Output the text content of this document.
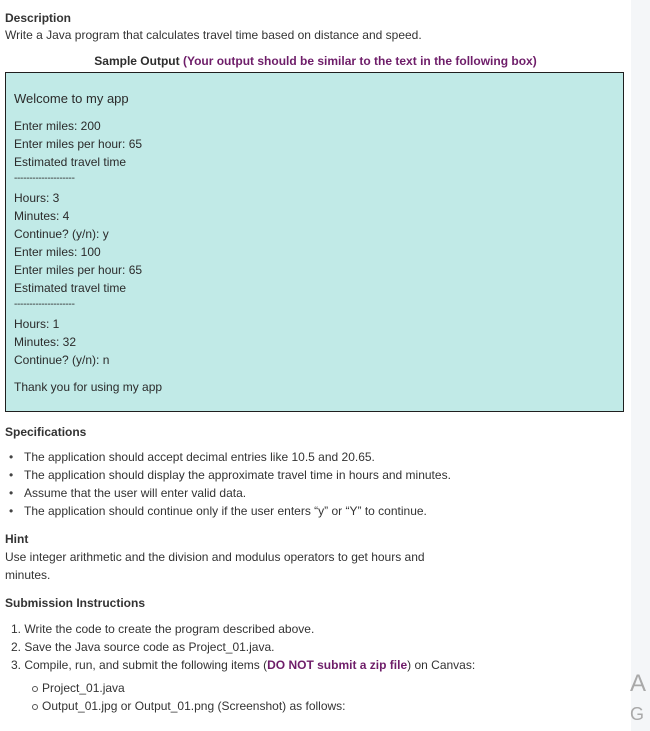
Description
Write a Java program that calculates travel time based on distance and speed.
Sample Output (Your output should be similar to the text in the following box)
Welcome to my app
Enter miles: 200
Enter miles per hour: 65
Estimated travel time
--------------------
Hours: 3
Minutes: 4
Continue? (y/n): y
Enter miles: 100
Enter miles per hour: 65
Estimated travel time
--------------------
Hours: 1
Minutes: 32
Continue? (y/n): n
Thank you for using my app
Specifications
• The application should accept decimal entries like 10.5 and 20.65.
• The application should display the approximate travel time in hours and minutes.
• Assume that the user will enter valid data.
• The application should continue only if the user enters “y” or “Y” to continue.
Hint
Use integer arithmetic and the division and modulus operators to get hours and
minutes.
Submission Instructions
1. Write the code to create the program described above.
2. Save the Java source code as Project_01.java.
3. Compile, run, and submit the following items (DO NOT submit a zip file) on Canvas:
Project_01.java
Output_01.jpg or Output_01.png (Screenshot) as follows:
A
G
